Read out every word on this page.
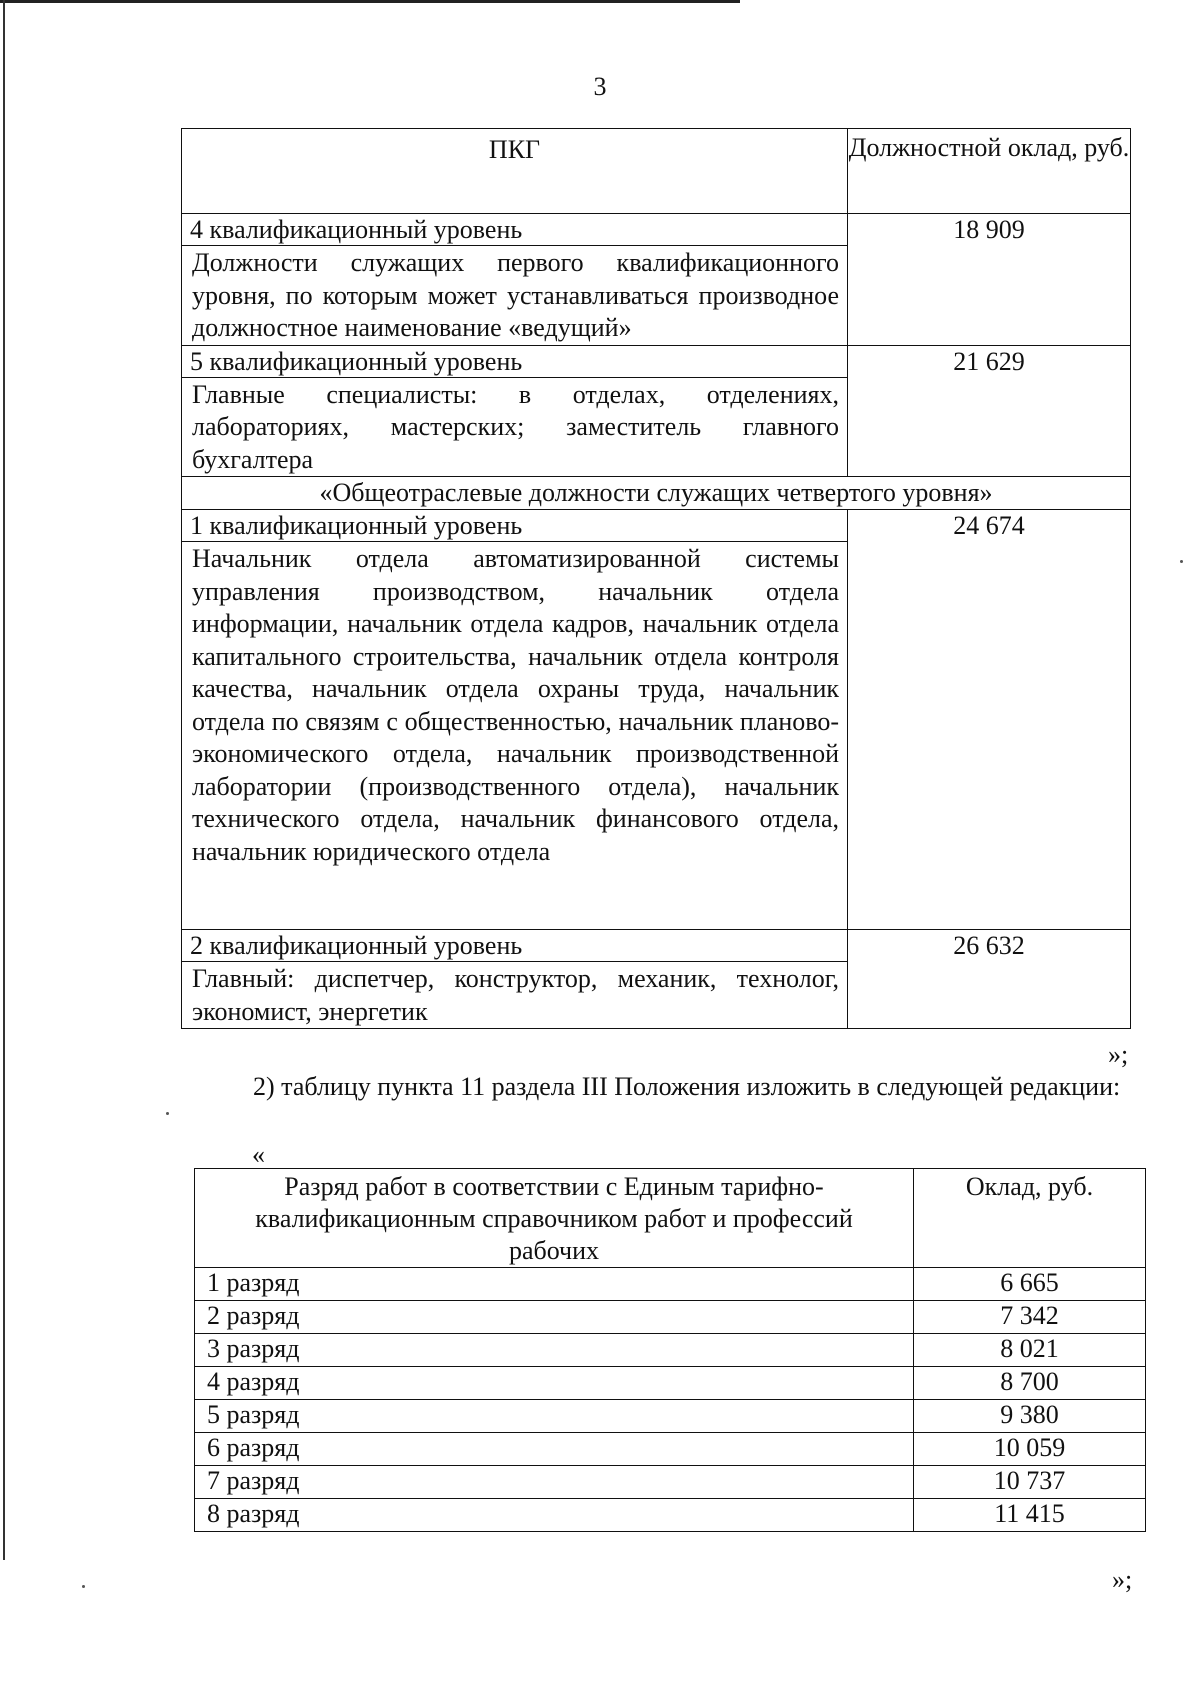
3
ПКГ	Должностной оклад, руб.
4 квалификационный уровень	18 909
Должности служащих первого квалификационного уровня, по которым может устанавливаться производное должностное наименование «ведущий»	
5 квалификационный уровень	21 629
Главные специалисты: в отделах, отделениях, лабораториях, мастерских; заместитель главного бухгалтера	
«Общеотраслевые должности служащих четвертого уровня»	
1 квалификационный уровень	24 674
Начальник отдела автоматизированной системы управления производством, начальник отдела информации, начальник отдела кадров, начальник отдела капитального строительства, начальник отдела контроля качества, начальник отдела охраны труда, начальник отдела по связям с общественностью, начальник планово-экономического отдела, начальник производственной лаборатории (производственного отдела), начальник технического отдела, начальник финансового отдела, начальник юридического отдела	
2 квалификационный уровень	26 632
Главный: диспетчер, конструктор, механик, технолог, экономист, энергетик	
»;
2) таблицу пункта 11 раздела III Положения изложить в следующей редакции:
«
Разряд работ в соответствии с Единым тарифно-квалификационным справочником работ и профессий рабочих	Оклад, руб.
1 разряд	6 665
2 разряд	7 342
3 разряд	8 021
4 разряд	8 700
5 разряд	9 380
6 разряд	10 059
7 разряд	10 737
8 разряд	11 415
»;
